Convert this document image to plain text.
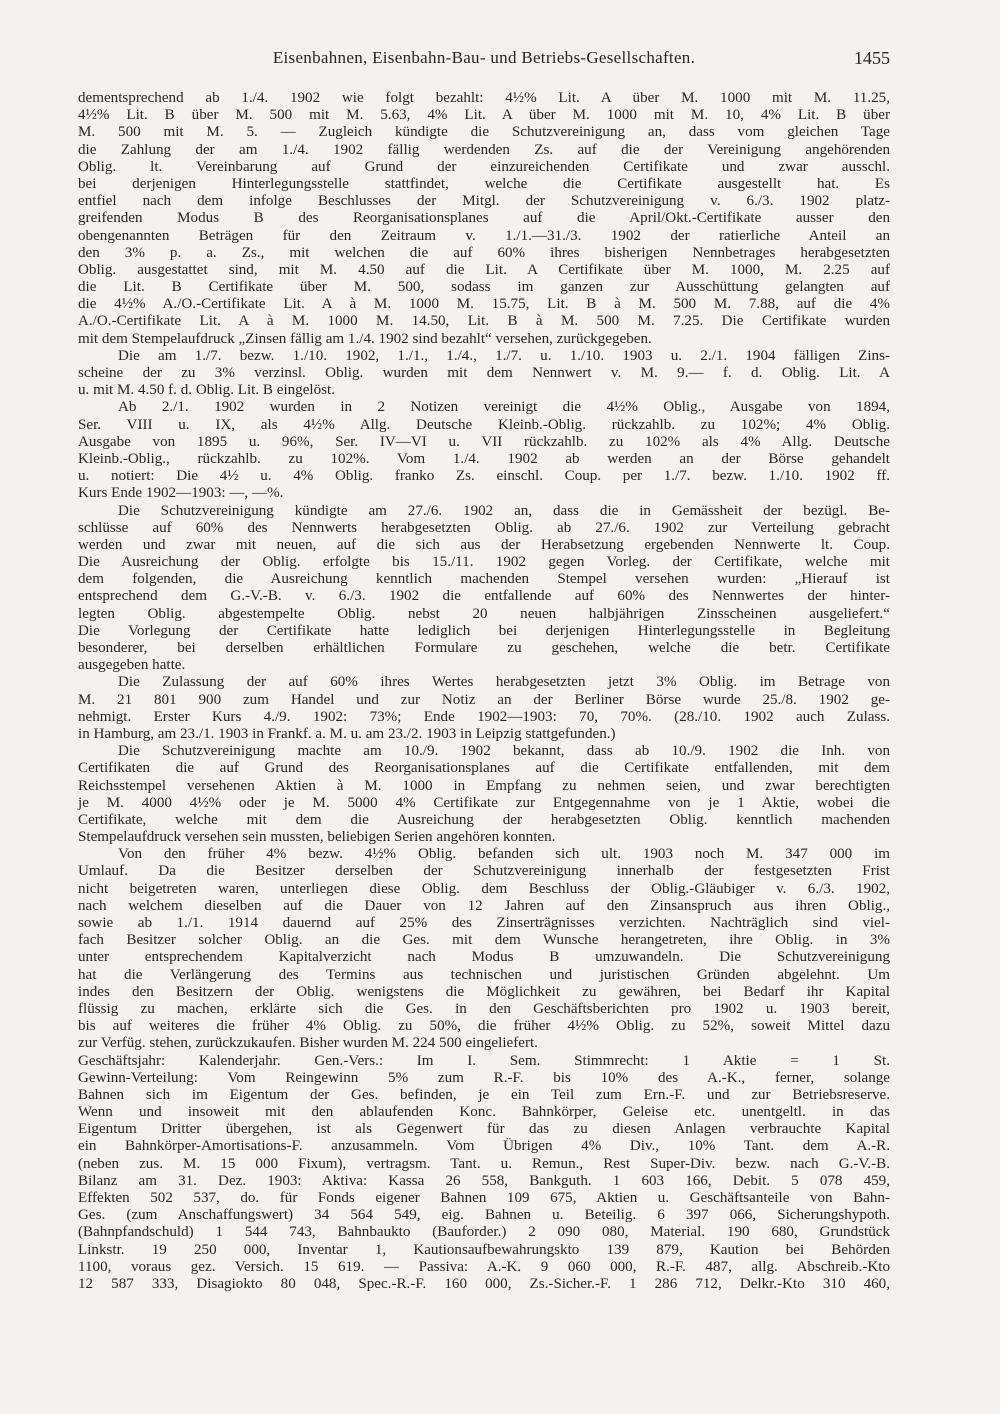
Eisenbahnen, Eisenbahn-Bau- und Betriebs-Gesellschaften.	1455
dementsprechend ab 1./4. 1902 wie folgt bezahlt: 4½% Lit. A über M. 1000 mit M. 11.25,
4½% Lit. B über M. 500 mit M. 5.63, 4% Lit. A über M. 1000 mit M. 10, 4% Lit. B über
M. 500 mit M. 5. — Zugleich kündigte die Schutzvereinigung an, dass vom gleichen Tage
die Zahlung der am 1./4. 1902 fällig werdenden Zs. auf die der Vereinigung angehörenden
Oblig. lt. Vereinbarung auf Grund der einzureichenden Certifikate und zwar ausschl.
bei derjenigen Hinterlegungsstelle stattfindet, welche die Certifikate ausgestellt hat. Es
entfiel nach dem infolge Beschlusses der Mitgl. der Schutzvereinigung v. 6./3. 1902 platz-
greifenden Modus B des Reorganisationsplanes auf die April/Okt.-Certifikate ausser den
obengenannten Beträgen für den Zeitraum v. 1./1.—31./3. 1902 der ratierliche Anteil an
den 3% p. a. Zs., mit welchen die auf 60% ihres bisherigen Nennbetrages herabgesetzten
Oblig. ausgestattet sind, mit M. 4.50 auf die Lit. A Certifikate über M. 1000, M. 2.25 auf
die Lit. B Certifikate über M. 500, sodass im ganzen zur Ausschüttung gelangten auf
die 4½% A./O.-Certifikate Lit. A à M. 1000 M. 15.75, Lit. B à M. 500 M. 7.88, auf die 4%
A./O.-Certifikate Lit. A à M. 1000 M. 14.50, Lit. B à M. 500 M. 7.25. Die Certifikate wurden
mit dem Stempelaufdruck „Zinsen fällig am 1./4. 1902 sind bezahlt“ versehen, zurückgegeben.
Die am 1./7. bezw. 1./10. 1902, 1./1., 1./4., 1./7. u. 1./10. 1903 u. 2./1. 1904 fälligen Zins-
scheine der zu 3% verzinsl. Oblig. wurden mit dem Nennwert v. M. 9.— f. d. Oblig. Lit. A
u. mit M. 4.50 f. d. Oblig. Lit. B eingelöst.
Ab 2./1. 1902 wurden in 2 Notizen vereinigt die 4½% Oblig., Ausgabe von 1894,
Ser. VIII u. IX, als 4½% Allg. Deutsche Kleinb.-Oblig. rückzahlb. zu 102%; 4% Oblig.
Ausgabe von 1895 u. 96%, Ser. IV—VI u. VII rückzahlb. zu 102% als 4% Allg. Deutsche
Kleinb.-Oblig., rückzahlb. zu 102%. Vom 1./4. 1902 ab werden an der Börse gehandelt
u. notiert: Die 4½ u. 4% Oblig. franko Zs. einschl. Coup. per 1./7. bezw. 1./10. 1902 ff.
Kurs Ende 1902—1903: —, —%.
Die Schutzvereinigung kündigte am 27./6. 1902 an, dass die in Gemässheit der bezügl. Be-
schlüsse auf 60% des Nennwerts herabgesetzten Oblig. ab 27./6. 1902 zur Verteilung gebracht
werden und zwar mit neuen, auf die sich aus der Herabsetzung ergebenden Nennwerte lt. Coup.
Die Ausreichung der Oblig. erfolgte bis 15./11. 1902 gegen Vorleg. der Certifikate, welche mit
dem folgenden, die Ausreichung kenntlich machenden Stempel versehen wurden: „Hierauf ist
entsprechend dem G.-V.-B. v. 6./3. 1902 die entfallende auf 60% des Nennwertes der hinter-
legten Oblig. abgestempelte Oblig. nebst 20 neuen halbjährigen Zinsscheinen ausgeliefert.“
Die Vorlegung der Certifikate hatte lediglich bei derjenigen Hinterlegungsstelle in Begleitung
besonderer, bei derselben erhältlichen Formulare zu geschehen, welche die betr. Certifikate
ausgegeben hatte.
Die Zulassung der auf 60% ihres Wertes herabgesetzten jetzt 3% Oblig. im Betrage von
M. 21 801 900 zum Handel und zur Notiz an der Berliner Börse wurde 25./8. 1902 ge-
nehmigt. Erster Kurs 4./9. 1902: 73%; Ende 1902—1903: 70, 70%. (28./10. 1902 auch Zulass.
in Hamburg, am 23./1. 1903 in Frankf. a. M. u. am 23./2. 1903 in Leipzig stattgefunden.)
Die Schutzvereinigung machte am 10./9. 1902 bekannt, dass ab 10./9. 1902 die Inh. von
Certifikaten die auf Grund des Reorganisationsplanes auf die Certifikate entfallenden, mit dem
Reichsstempel versehenen Aktien à M. 1000 in Empfang zu nehmen seien, und zwar berechtigten
je M. 4000 4½% oder je M. 5000 4% Certifikate zur Entgegennahme von je 1 Aktie, wobei die
Certifikate, welche mit dem die Ausreichung der herabgesetzten Oblig. kenntlich machenden
Stempelaufdruck versehen sein mussten, beliebigen Serien angehören konnten.
Von den früher 4% bezw. 4½% Oblig. befanden sich ult. 1903 noch M. 347 000 im
Umlauf. Da die Besitzer derselben der Schutzvereinigung innerhalb der festgesetzten Frist
nicht beigetreten waren, unterliegen diese Oblig. dem Beschluss der Oblig.-Gläubiger v. 6./3. 1902,
nach welchem dieselben auf die Dauer von 12 Jahren auf den Zinsanspruch aus ihren Oblig.,
sowie ab 1./1. 1914 dauernd auf 25% des Zinserträgnisses verzichten. Nachträglich sind viel-
fach Besitzer solcher Oblig. an die Ges. mit dem Wunsche herangetreten, ihre Oblig. in 3%
unter entsprechendem Kapitalverzicht nach Modus B umzuwandeln. Die Schutzvereinigung
hat die Verlängerung des Termins aus technischen und juristischen Gründen abgelehnt. Um
indes den Besitzern der Oblig. wenigstens die Möglichkeit zu gewähren, bei Bedarf ihr Kapital
flüssig zu machen, erklärte sich die Ges. in den Geschäftsberichten pro 1902 u. 1903 bereit,
bis auf weiteres die früher 4% Oblig. zu 50%, die früher 4½% Oblig. zu 52%, soweit Mittel dazu
zur Verfüg. stehen, zurückzukaufen. Bisher wurden M. 224 500 eingeliefert.
Geschäftsjahr: Kalenderjahr. Gen.-Vers.: Im I. Sem. Stimmrecht: 1 Aktie = 1 St.
Gewinn-Verteilung: Vom Reingewinn 5% zum R.-F. bis 10% des A.-K., ferner, solange
Bahnen sich im Eigentum der Ges. befinden, je ein Teil zum Ern.-F. und zur Betriebsreserve.
Wenn und insoweit mit den ablaufenden Konc. Bahnkörper, Geleise etc. unentgeltl. in das
Eigentum Dritter übergehen, ist als Gegenwert für das zu diesen Anlagen verbrauchte Kapital
ein Bahnkörper-Amortisations-F. anzusammeln. Vom Übrigen 4% Div., 10% Tant. dem A.-R.
(neben zus. M. 15 000 Fixum), vertragsm. Tant. u. Remun., Rest Super-Div. bezw. nach G.-V.-B.
Bilanz am 31. Dez. 1903: Aktiva: Kassa 26 558, Bankguth. 1 603 166, Debit. 5 078 459,
Effekten 502 537, do. für Fonds eigener Bahnen 109 675, Aktien u. Geschäftsanteile von Bahn-
Ges. (zum Anschaffungswert) 34 564 549, eig. Bahnen u. Beteilig. 6 397 066, Sicherungshypoth.
(Bahnpfandschuld) 1 544 743, Bahnbaukto (Bauforder.) 2 090 080, Material. 190 680, Grundstück
Linkstr. 19 250 000, Inventar 1, Kautionsaufbewahrungskto 139 879, Kaution bei Behörden
1100, voraus gez. Versich. 15 619. — Passiva: A.-K. 9 060 000, R.-F. 487, allg. Abschreib.-Kto
12 587 333, Disagiokto 80 048, Spec.-R.-F. 160 000, Zs.-Sicher.-F. 1 286 712, Delkr.-Kto 310 460,
